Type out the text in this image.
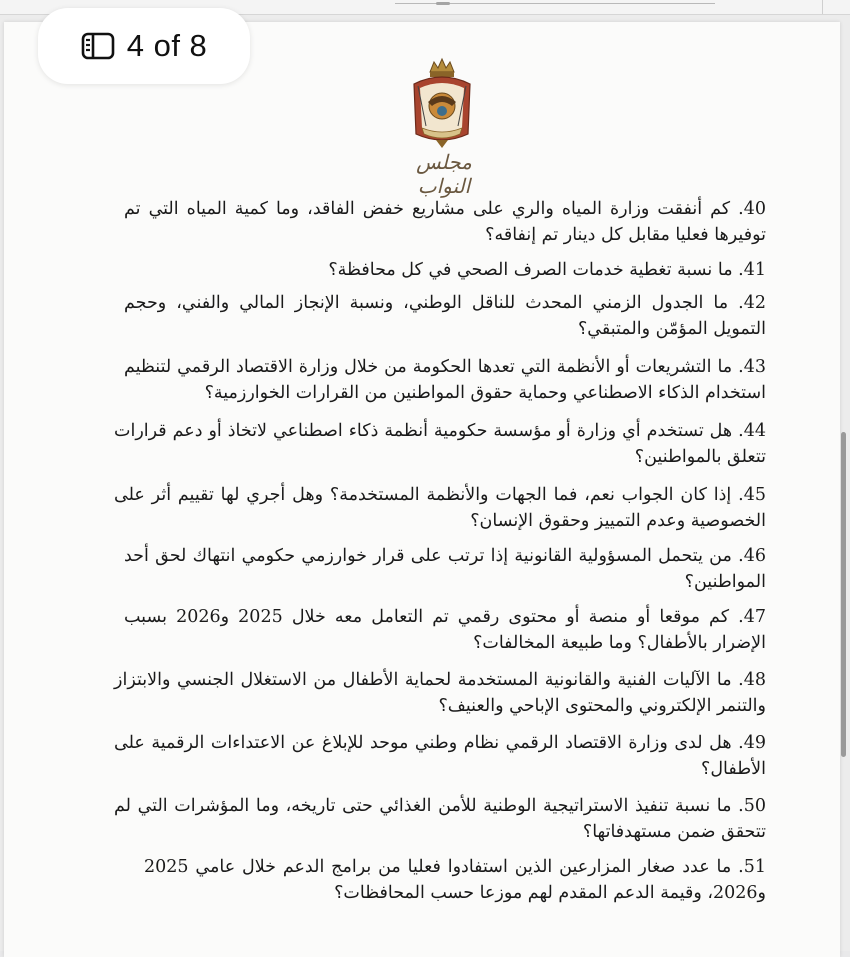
مجلس النواب
40. كم أنفقت وزارة المياه والري على مشاريع خفض الفاقد، وما كمية المياه التي تم توفيرها فعليا مقابل كل دينار تم إنفاقه؟
41. ما نسبة تغطية خدمات الصرف الصحي في كل محافظة؟
42. ما الجدول الزمني المحدث للناقل الوطني، ونسبة الإنجاز المالي والفني، وحجم التمويل المؤمّن والمتبقي؟
43. ما التشريعات أو الأنظمة التي تعدها الحكومة من خلال وزارة الاقتصاد الرقمي لتنظيم استخدام الذكاء الاصطناعي وحماية حقوق المواطنين من القرارات الخوارزمية؟
44. هل تستخدم أي وزارة أو مؤسسة حكومية أنظمة ذكاء اصطناعي لاتخاذ أو دعم قرارات تتعلق بالمواطنين؟
45. إذا كان الجواب نعم، فما الجهات والأنظمة المستخدمة؟ وهل أجري لها تقييم أثر على الخصوصية وعدم التمييز وحقوق الإنسان؟
46. من يتحمل المسؤولية القانونية إذا ترتب على قرار خوارزمي حكومي انتهاك لحق أحد المواطنين؟
47. كم موقعا أو منصة أو محتوى رقمي تم التعامل معه خلال 2025 و2026 بسبب الإضرار بالأطفال؟ وما طبيعة المخالفات؟
48. ما الآليات الفنية والقانونية المستخدمة لحماية الأطفال من الاستغلال الجنسي والابتزاز والتنمر الإلكتروني والمحتوى الإباحي والعنيف؟
49. هل لدى وزارة الاقتصاد الرقمي نظام وطني موحد للإبلاغ عن الاعتداءات الرقمية على الأطفال؟
50. ما نسبة تنفيذ الاستراتيجية الوطنية للأمن الغذائي حتى تاريخه، وما المؤشرات التي لم تتحقق ضمن مستهدفاتها؟
51. ما عدد صغار المزارعين الذين استفادوا فعليا من برامج الدعم خلال عامي 2025 و2026، وقيمة الدعم المقدم لهم موزعا حسب المحافظات؟
4 of 8
